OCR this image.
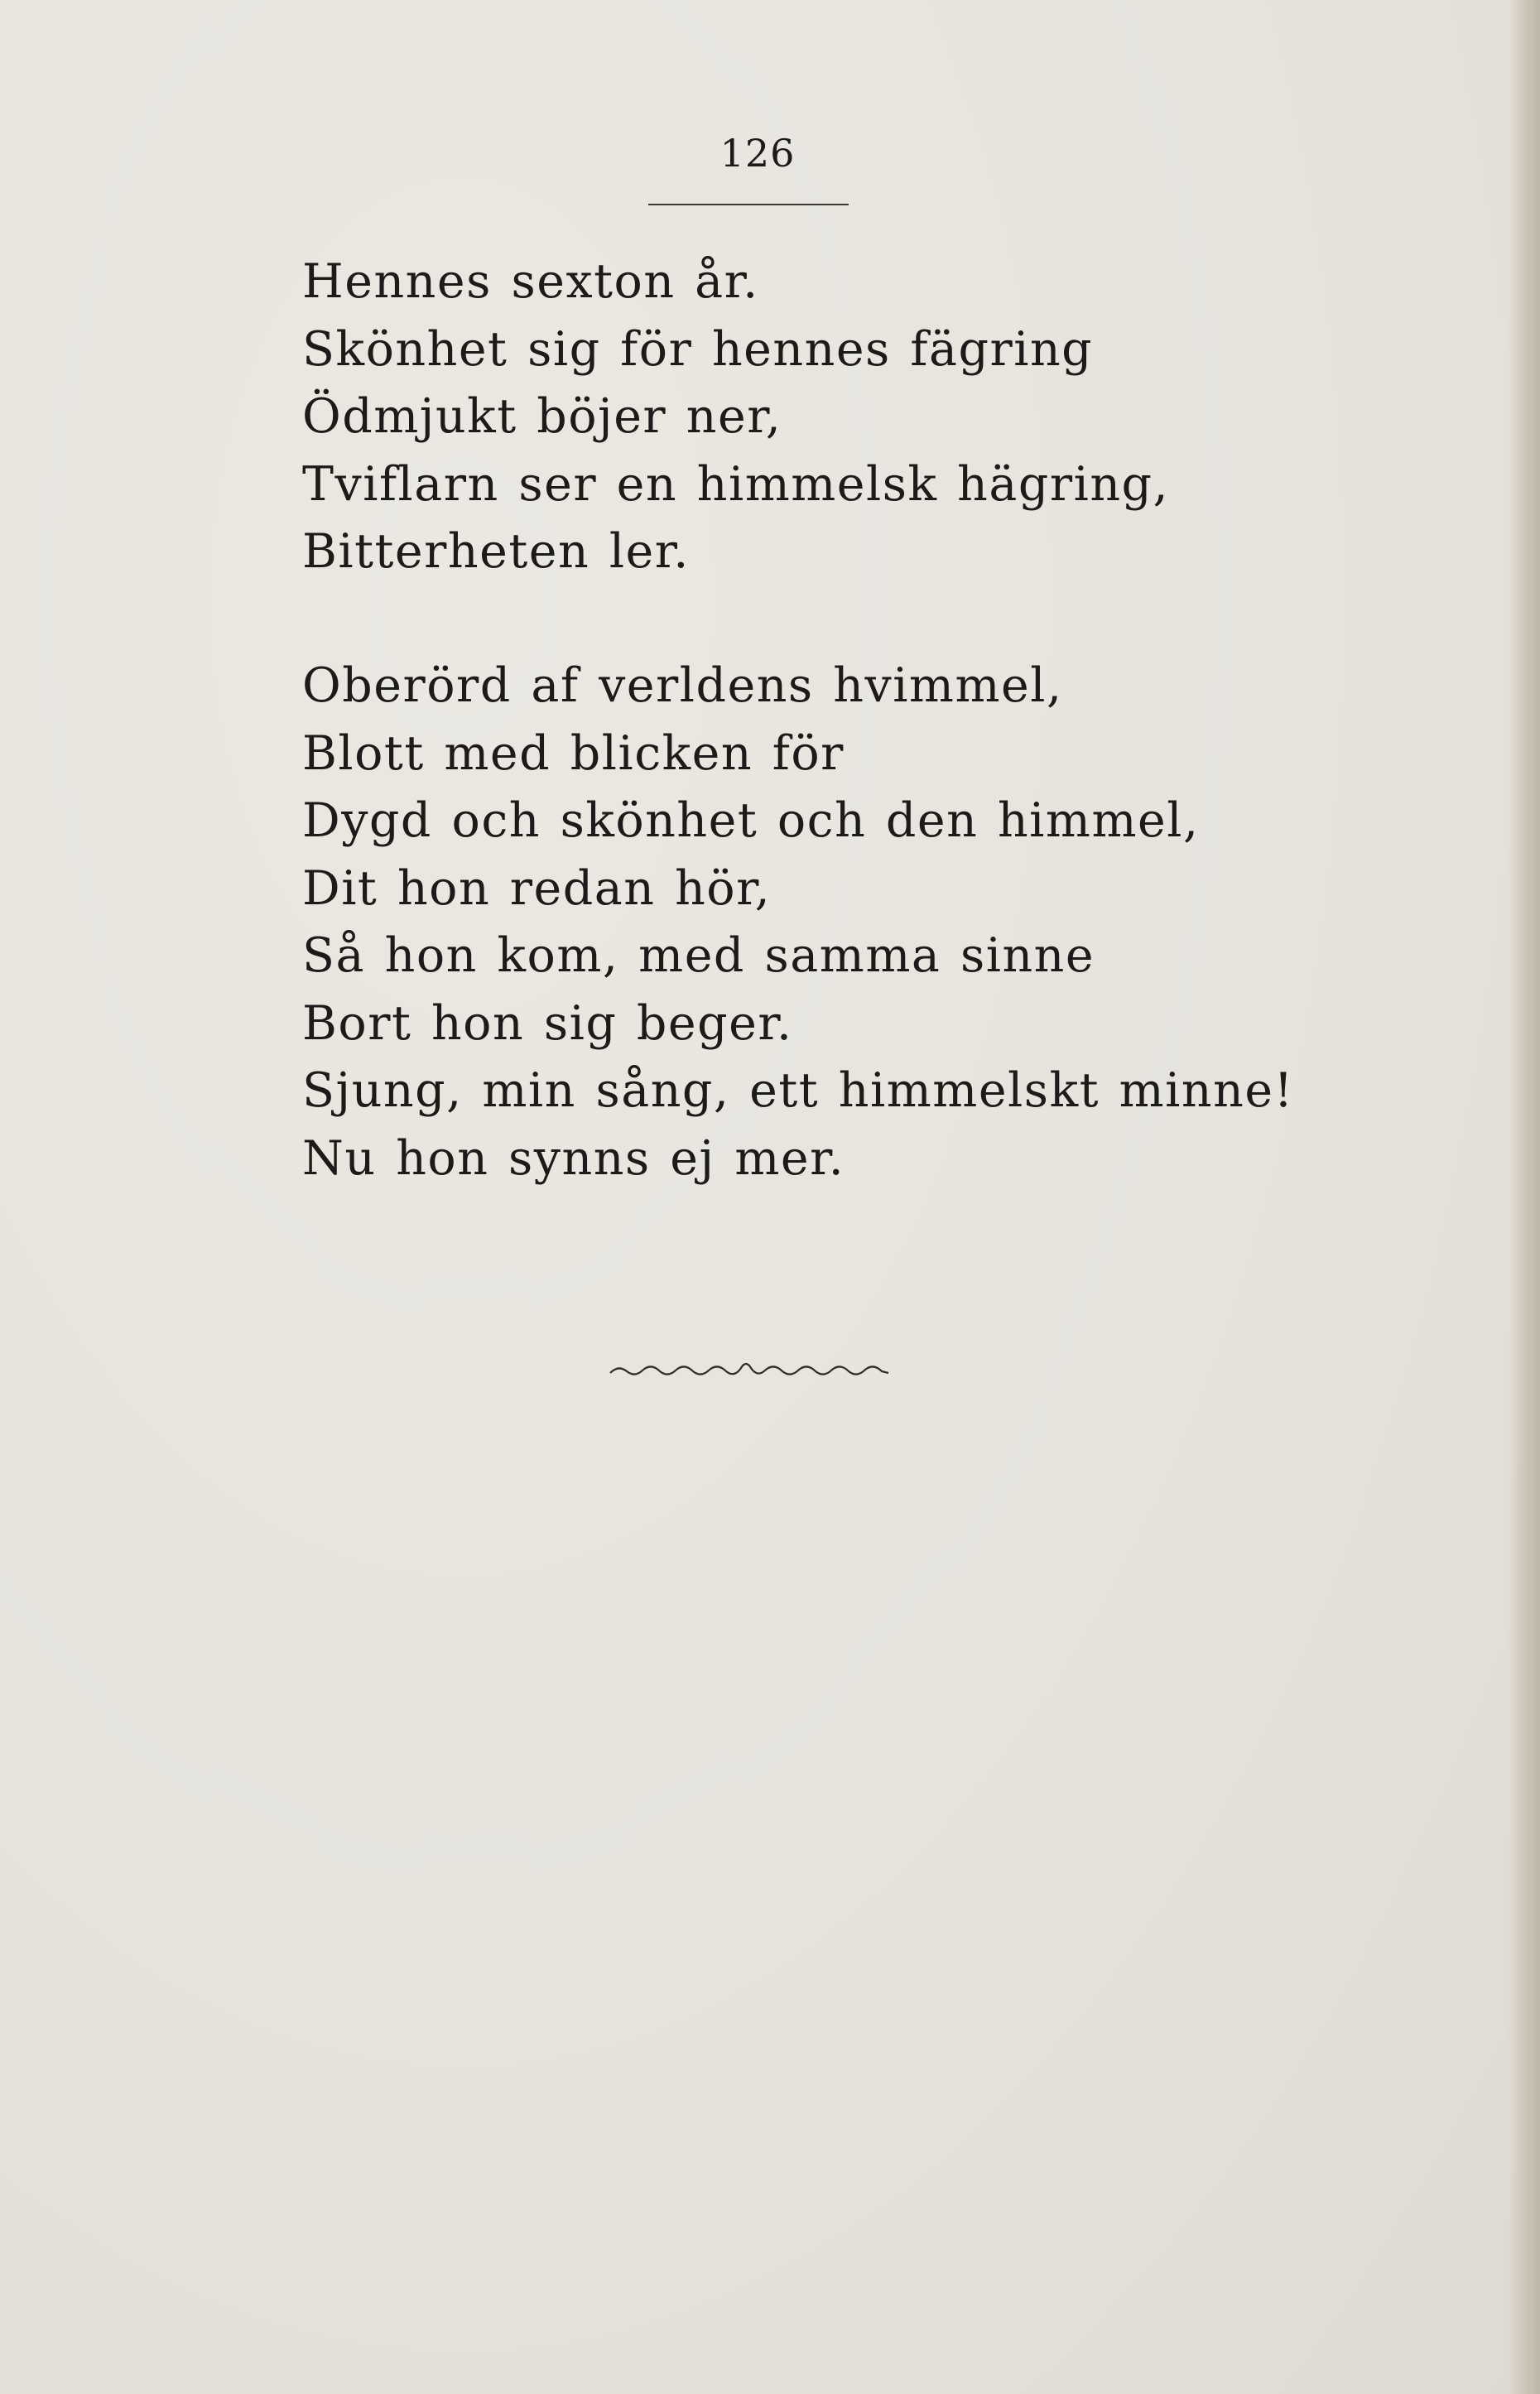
126
Hennes sexton år.
Skönhet sig för hennes fägring
Ödmjukt böjer ner,
Tviflarn ser en himmelsk hägring,
Bitterheten ler.
Oberörd af verldens hvimmel,
Blott med blicken för
Dygd och skönhet och den himmel,
Dit hon redan hör,
Så hon kom, med samma sinne
Bort hon sig beger.
Sjung, min sång, ett himmelskt minne!
Nu hon synns ej mer.
